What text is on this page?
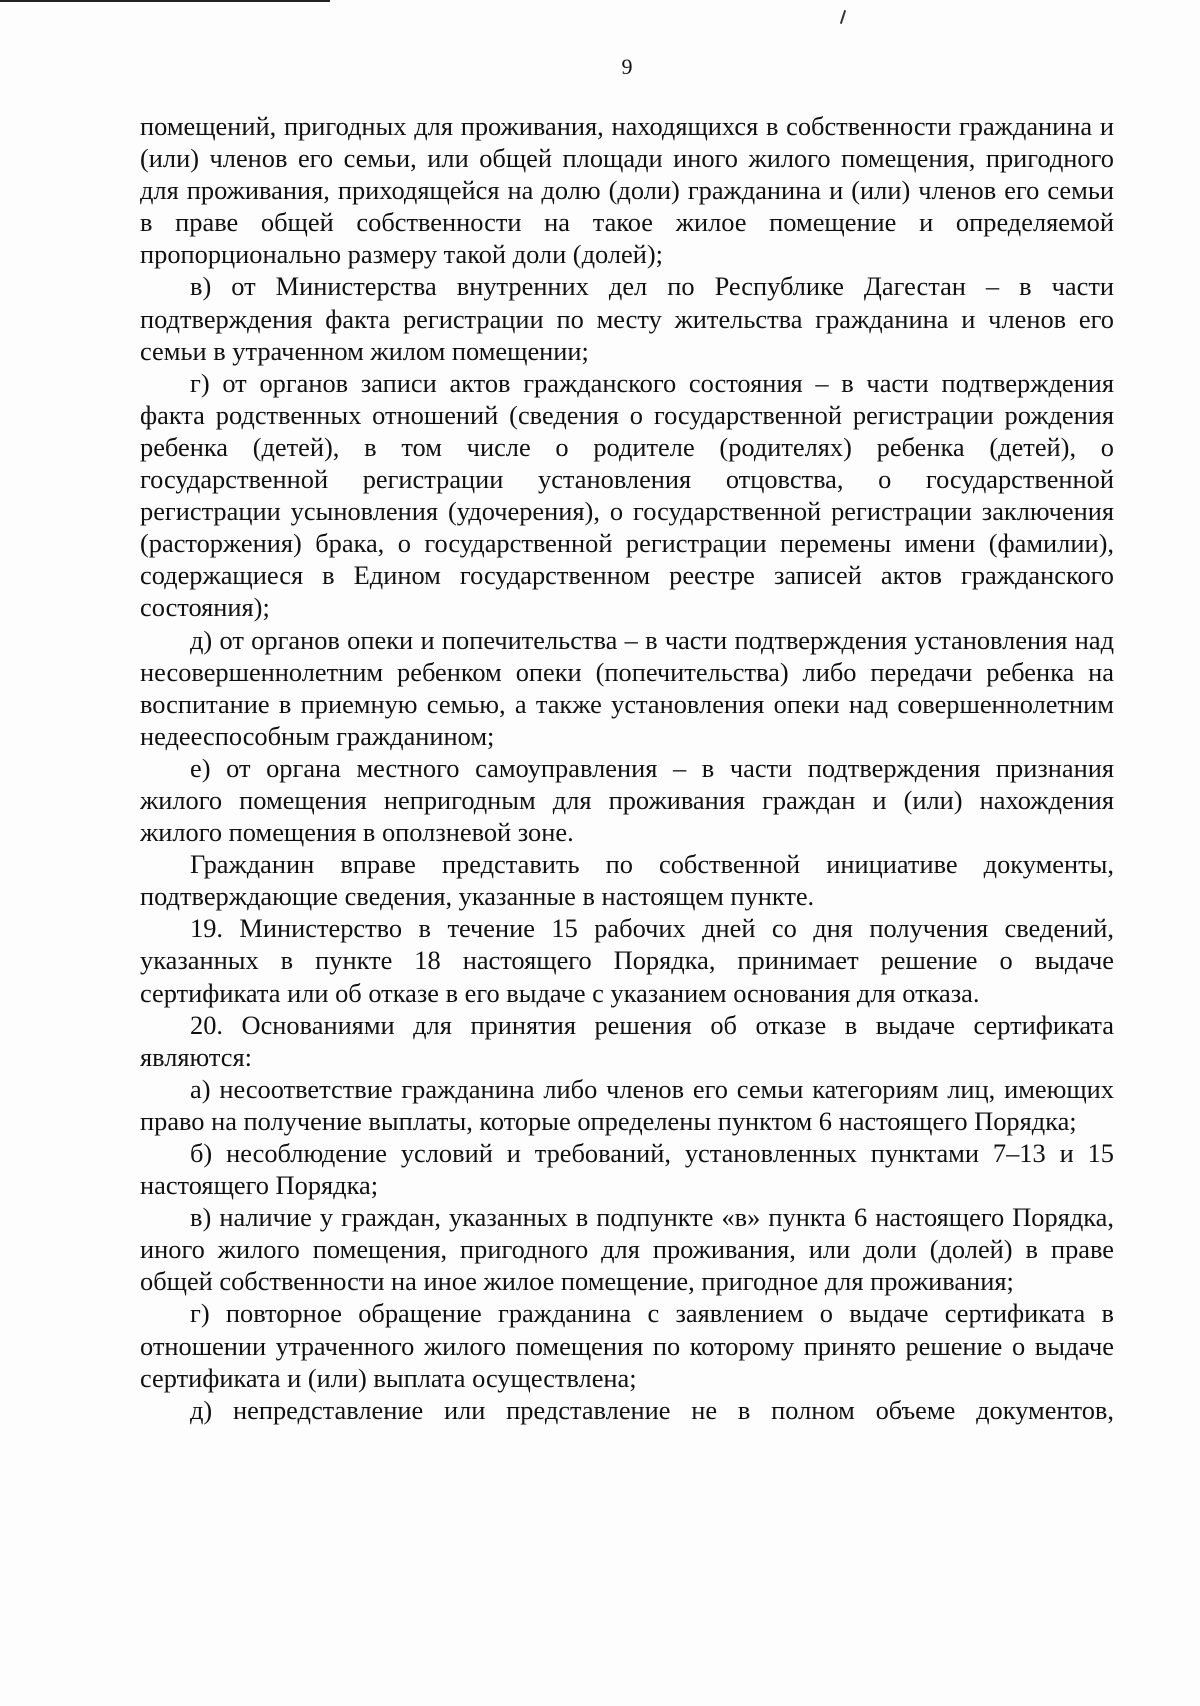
9

помещений, пригодных для проживания, находящихся в собственности гражданина и (или) членов его семьи, или общей площади иного жилого помещения, пригодного для проживания, приходящейся на долю (доли) гражданина и (или) членов его семьи в праве общей собственности на такое жилое помещение и определяемой пропорционально размеру такой доли (долей);

в) от Министерства внутренних дел по Республике Дагестан – в части подтверждения факта регистрации по месту жительства гражданина и членов его семьи в утраченном жилом помещении;

г) от органов записи актов гражданского состояния – в части подтверждения факта родственных отношений (сведения о государственной регистрации рождения ребенка (детей), в том числе о родителе (родителях) ребенка (детей), о государственной регистрации установления отцовства, о государственной регистрации усыновления (удочерения), о государственной регистрации заключения (расторжения) брака, о государственной регистрации перемены имени (фамилии), содержащиеся в Едином государственном реестре записей актов гражданского состояния);

д) от органов опеки и попечительства – в части подтверждения установления над несовершеннолетним ребенком опеки (попечительства) либо передачи ребенка на воспитание в приемную семью, а также установления опеки над совершеннолетним недееспособным гражданином;

е) от органа местного самоуправления – в части подтверждения признания жилого помещения непригодным для проживания граждан и (или) нахождения жилого помещения в оползневой зоне.

Гражданин вправе представить по собственной инициативе документы, подтверждающие сведения, указанные в настоящем пункте.

19. Министерство в течение 15 рабочих дней со дня получения сведений, указанных в пункте 18 настоящего Порядка, принимает решение о выдаче сертификата или об отказе в его выдаче с указанием основания для отказа.

20. Основаниями для принятия решения об отказе в выдаче сертификата являются:

а) несоответствие гражданина либо членов его семьи категориям лиц, имеющих право на получение выплаты, которые определены пунктом 6 настоящего Порядка;

б) несоблюдение условий и требований, установленных пунктами 7–13 и 15 настоящего Порядка;

в) наличие у граждан, указанных в подпункте «в» пункта 6 настоящего Порядка, иного жилого помещения, пригодного для проживания, или доли (долей) в праве общей собственности на иное жилое помещение, пригодное для проживания;

г) повторное обращение гражданина с заявлением о выдаче сертификата в отношении утраченного жилого помещения по которому принято решение о выдаче сертификата и (или) выплата осуществлена;

д) непредставление или представление не в полном объеме документов,
